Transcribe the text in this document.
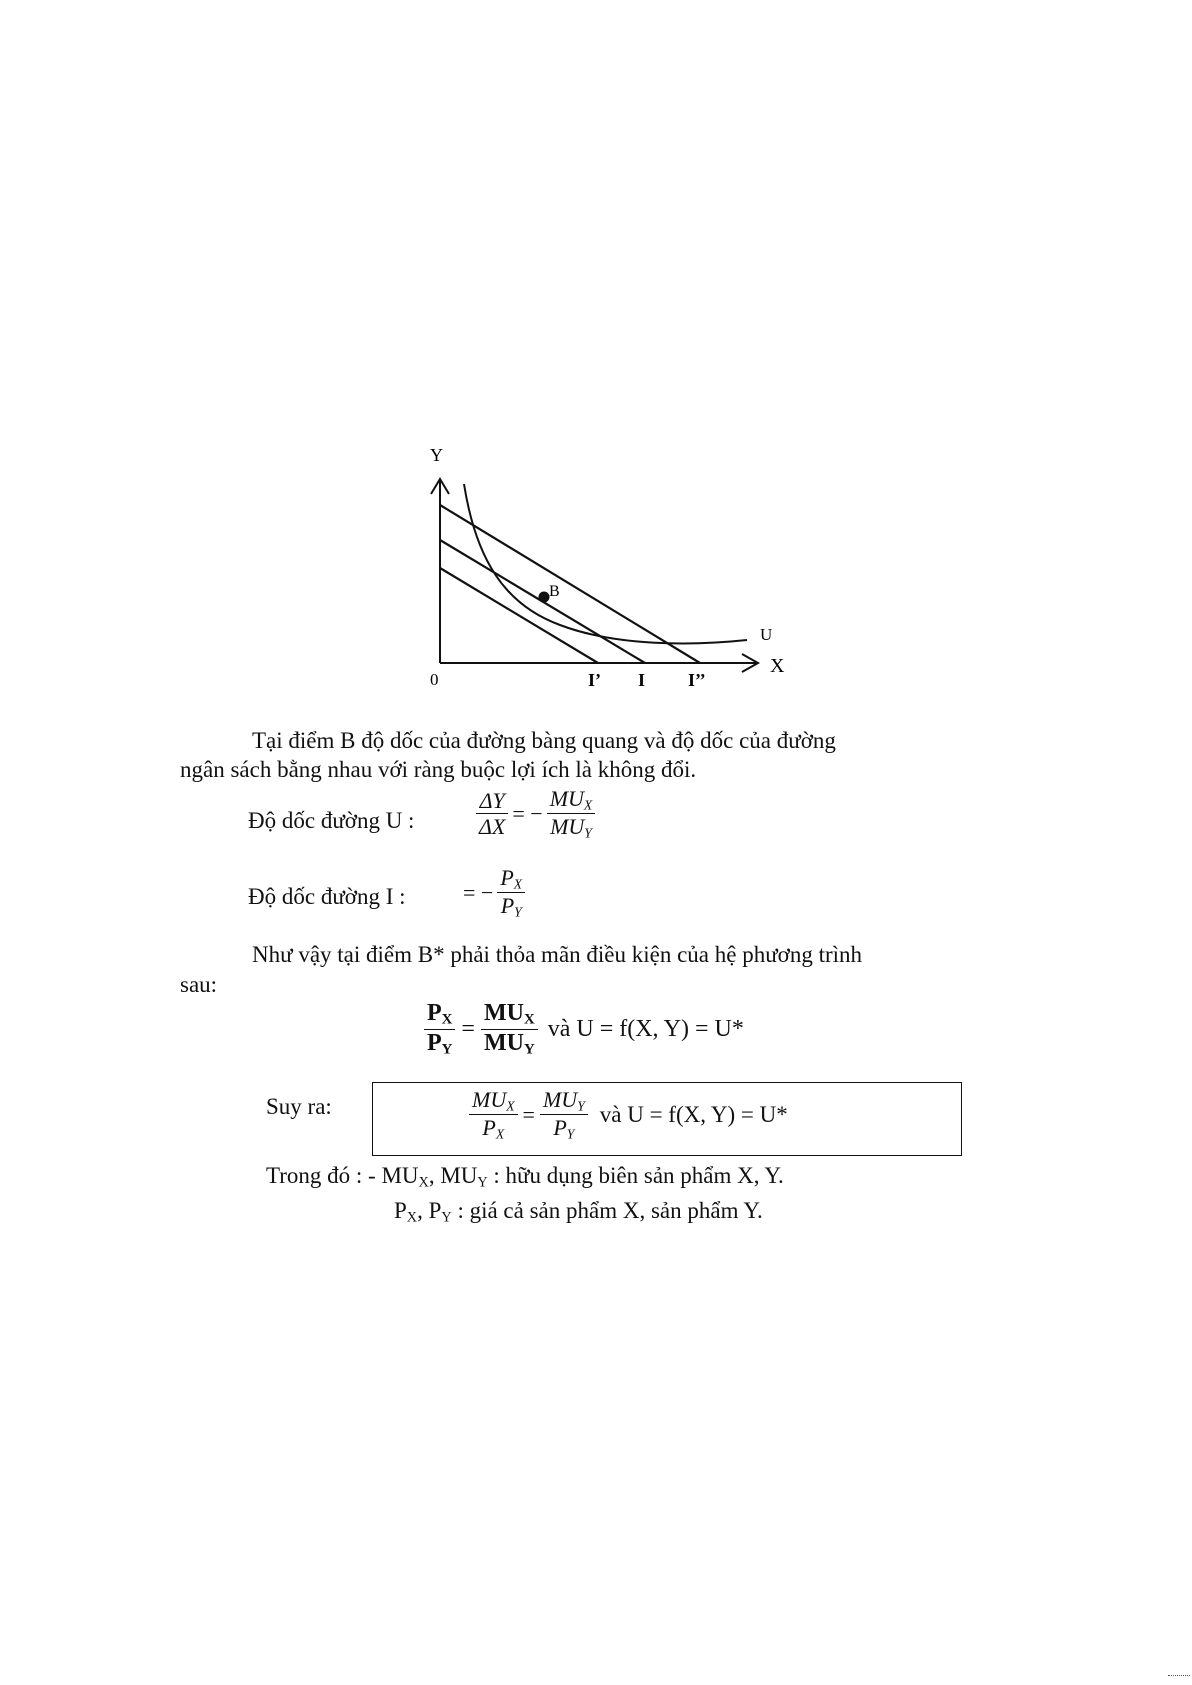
Y
X
0
B
U
I’ I I’’
Tại điểm B độ dốc của đường bàng quang và độ dốc của đường
ngân sách bằng nhau với ràng buộc lợi ích là không đổi.
Độ dốc đường U :	$\frac{\Delta Y}{\Delta X}$ = − $\frac{MU_X}{MU_Y}$
Độ dốc đường I :	= − $\frac{P_X}{P_Y}$
Như vậy tại điểm B* phải thỏa mãn điều kiện của hệ phương trình
sau:
$\frac{P_X}{P_Y} = \frac{MU_X}{MU_Y}$ và U = f(X, Y) = U*
Suy ra:	$\frac{MU_X}{P_X} = \frac{MU_Y}{P_Y}$ và U = f(X, Y) = U*
Trong đó : - $MU_X$, $MU_Y$ : hữu dụng biên sản phẩm X, Y.
$P_X$, $P_Y$ : giá cả sản phẩm X, sản phẩm Y.
